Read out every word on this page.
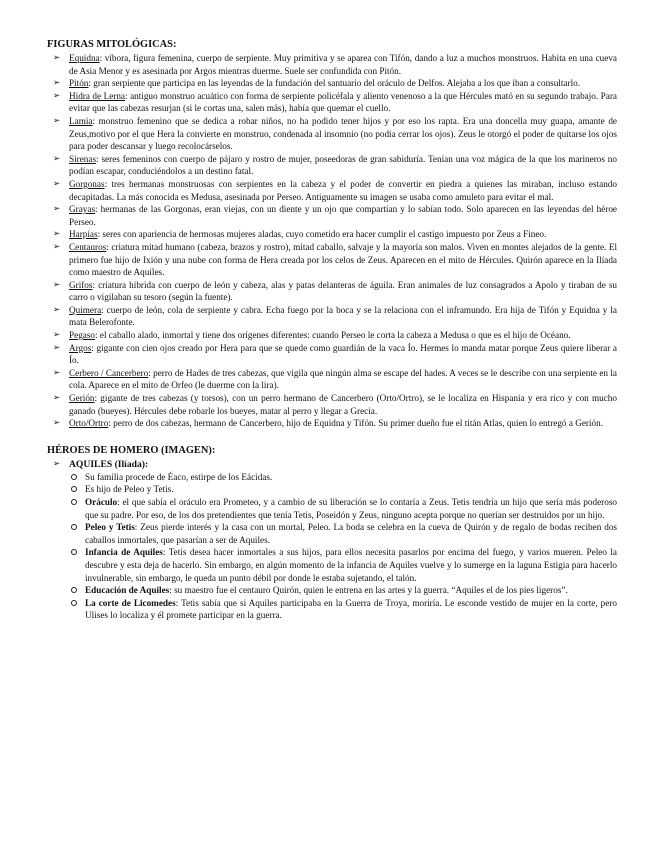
FIGURAS MITOLÓGICAS:
➢ Equidna: víbora, figura femenina, cuerpo de serpiente. Muy primitiva y se aparea con Tifón, dando a luz a muchos monstruos. Habita en una cueva de Asia Menor y es asesinada por Argos mientras duerme. Suele ser confundida con Pitón.
➢ Pitón: gran serpiente que participa en las leyendas de la fundación del santuario del oráculo de Delfos. Alejaba a los que iban a consultarlo.
➢ Hidra de Lerna: antiguo monstruo acuático con forma de serpiente policéfala y aliento venenoso a la que Hércules mató en su segundo trabajo. Para evitar que las cabezas resurjan (si le cortas una, salen más), había que quemar el cuello.
➢ Lamia: monstruo femenino que se dedica a robar niños, no ha podido tener hijos y por eso los rapta. Era una doncella muy guapa, amante de Zeus,motivo por el que Hera la convierte en monstruo, condenada al insomnio (no podía cerrar los ojos). Zeus le otorgó el poder de quitarse los ojos para poder descansar y luego recolocárselos.
➢ Sirenas: seres femeninos con cuerpo de pájaro y rostro de mujer, poseedoras de gran sabiduría. Tenían una voz mágica de la que los marineros no podían escapar, conduciéndolos a un destino fatal.
➢ Gorgonas: tres hermanas monstruosas con serpientes en la cabeza y el poder de convertir en piedra a quienes las miraban, incluso estando decapitadas. La más conocida es Medusa, asesinada por Perseo. Antiguamente su imagen se usaba como amuleto para evitar el mal.
➢ Grayas: hermanas de las Gorgonas, eran viejas, con un diente y un ojo que compartían y lo sabían todo. Solo aparecen en las leyendas del héroe Perseo.
➢ Harpías: seres con apariencia de hermosas mujeres aladas, cuyo cometido era hacer cumplir el castigo impuesto por Zeus a Fineo.
➢ Centauros: criatura mitad humano (cabeza, brazos y rostro), mitad caballo, salvaje y la mayoría son malos. Viven en montes alejados de la gente. El primero fue hijo de Ixión y una nube con forma de Hera creada por los celos de Zeus. Aparecen en el mito de Hércules. Quirón aparece en la Ilíada como maestro de Aquiles.
➢ Grifos: criatura híbrida con cuerpo de león y cabeza, alas y patas delanteras de águila. Eran animales de luz consagrados a Apolo y tiraban de su carro o vigilaban su tesoro (según la fuente).
➢ Quimera: cuerpo de león, cola de serpiente y cabra. Echa fuego por la boca y se la relaciona con el inframundo. Era hija de Tifón y Equidna y la mata Belerofonte.
➢ Pegaso: el caballo alado, inmortal y tiene dos orígenes diferentes: cuando Perseo le corta la cabeza a Medusa o que es el hijo de Océano.
➢ Argos: gigante con cien ojos creado por Hera para que se quede como guardián de la vaca Ío. Hermes lo manda matar porque Zeus quiere liberar a Ío.
➢ Cerbero / Cancerbero: perro de Hades de tres cabezas, que vigila que ningún alma se escape del hades. A veces se le describe con una serpiente en la cola. Aparece en el mito de Orfeo (le duerme con la lira).
➢ Gerión: gigante de tres cabezas (y torsos), con un perro hermano de Cancerbero (Orto/Ortro), se le localiza en Hispania y era rico y con mucho ganado (bueyes). Hércules debe robarle los bueyes, matar al perro y llegar a Grecia.
➢ Orto/Ortro: perro de dos cabezas, hermano de Cancerbero, hijo de Equidna y Tifón. Su primer dueño fue el titán Atlas, quien lo entregó a Gerión.
HÉROES DE HOMERO (IMAGEN):
➢ AQUILES (Ilíada):
Su familia procede de Éaco, estirpe de los Eácidas.
Es hijo de Peleo y Tetis.
Oráculo: el que sabía el oráculo era Prometeo, y a cambio de su liberación se lo contaría a Zeus. Tetis tendría un hijo que sería más poderoso que su padre. Por eso, de los dos pretendientes que tenía Tetis, Poseidón y Zeus, ninguno acepta porque no querían ser destruidos por un hijo.
Peleo y Tetis: Zeus pierde interés y la casa con un mortal, Peleo. La boda se celebra en la cueva de Quirón y de regalo de bodas reciben dos caballos inmortales, que pasarían a ser de Aquiles.
Infancia de Aquiles: Tetis desea hacer inmortales a sus hijos, para ellos necesita pasarlos por encima del fuego, y varios mueren. Peleo la descubre y esta deja de hacerlo. Sin embargo, en algún momento de la infancia de Aquiles vuelve y lo sumerge en la laguna Estigia para hacerlo invulnerable, sin embargo, le queda un punto débil por donde le estaba sujetando, el talón.
Educación de Aquiles: su maestro fue el centauro Quirón, quien le entrena en las artes y la guerra. “Aquiles el de los pies ligeros”.
La corte de Licomedes: Tetis sabía que si Aquiles participaba en la Guerra de Troya, moriría. Le esconde vestido de mujer en la corte, pero Ulises lo localiza y él promete participar en la guerra.
